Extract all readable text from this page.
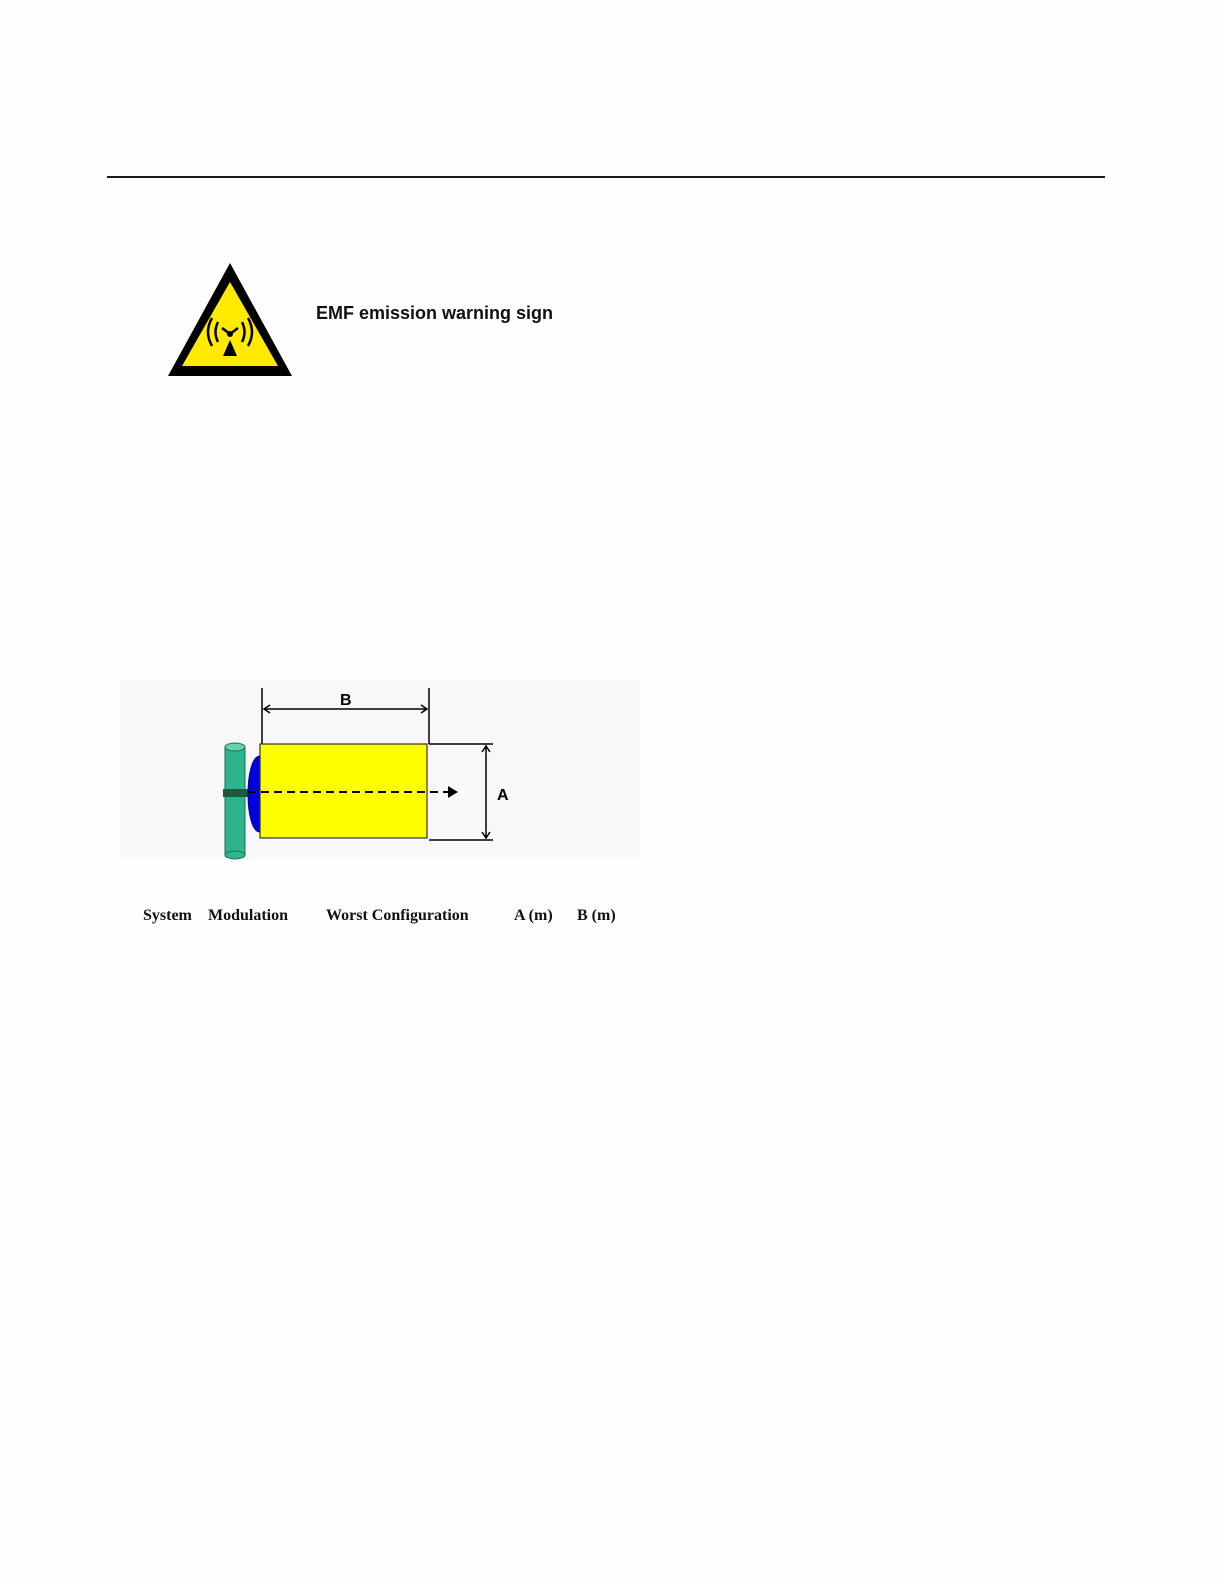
EMF emission warning sign
B
A
System Modulation Worst Configuration	A (m) B (m)
